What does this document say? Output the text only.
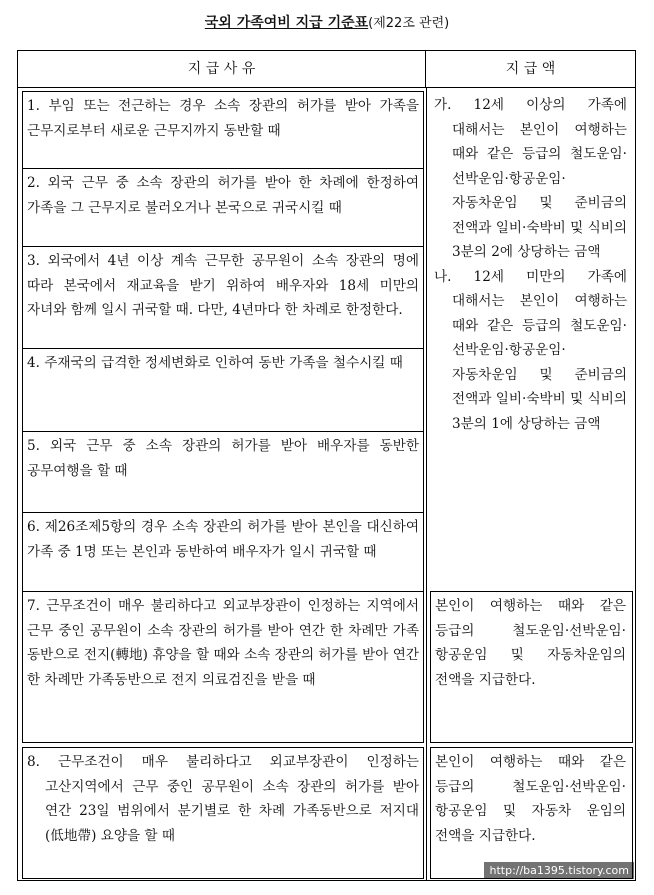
국외 가족여비 지급 기준표(제22조 관련)
지 급 사 유	지 급 액

1. 부임 또는 전근하는 경우 소속 장관의 허가를 받아 가족을 근무지로부터 새로운 근무지까지 동반할 때

2. 외국 근무 중 소속 장관의 허가를 받아 한 차례에 한정하여 가족을 그 근무지로 불러오거나 본국으로 귀국시킬 때

3. 외국에서 4년 이상 계속 근무한 공무원이 소속 장관의 명에 따라 본국에서 재교육을 받기 위하여 배우자와 18세 미만의 자녀와 함께 일시 귀국할 때. 다만, 4년마다 한 차례로 한정한다.

4. 주재국의 급격한 정세변화로 인하여 동반 가족을 철수시킬 때

5. 외국 근무 중 소속 장관의 허가를 받아 배우자를 동반한 공무여행을 할 때

6. 제26조제5항의 경우 소속 장관의 허가를 받아 본인을 대신하여 가족 중 1명 또는 본인과 동반하여 배우자가 일시 귀국할 때

7. 근무조건이 매우 불리하다고 외교부장관이 인정하는 지역에서 근무 중인 공무원이 소속 장관의 허가를 받아 연간 한 차례만 가족 동반으로 전지(轉地) 휴양을 할 때와 소속 장관의 허가를 받아 연간 한 차례만 가족동반으로 전지 의료검진을 받을 때

8. 근무조건이 매우 불리하다고 외교부장관이 인정하는 고산지역에서 근무 중인 공무원이 소속 장관의 허가를 받아 연간 23일 범위에서 분기별로 한 차례 가족동반으로 저지대(低地帶) 요양을 할 때

가. 12세 이상의 가족에 대해서는 본인이 여행하는 때와 같은 등급의 철도운임·선박운임·항공운임·자동차운임 및 준비금의 전액과 일비·숙박비 및 식비의 3분의 2에 상당하는 금액

나. 12세 미만의 가족에 대해서는 본인이 여행하는 때와 같은 등급의 철도운임·선박운임·항공운임·자동차운임 및 준비금의 전액과 일비·숙박비 및 식비의 3분의 1에 상당하는 금액

본인이 여행하는 때와 같은 등급의 철도운임·선박운임·항공운임 및 자동차운임의 전액을 지급한다.

본인이 여행하는 때와 같은 등급의 철도운임·선박운임·항공운임 및 자동차 운임의 전액을 지급한다.

http://ba1395.tistory.com
